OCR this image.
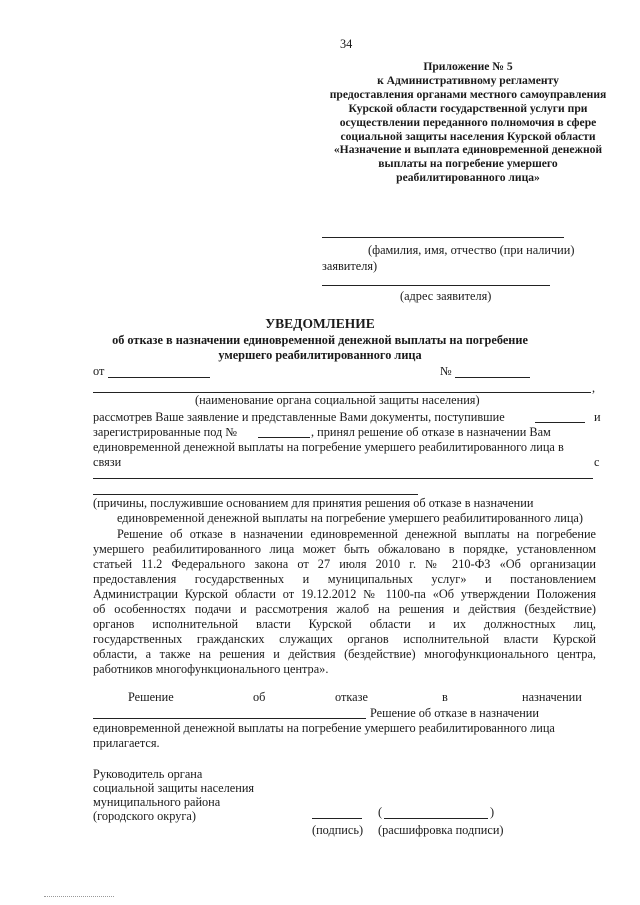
34
Приложение № 5
к Административному регламенту
предоставления органами местного самоуправления
Курской области государственной услуги при
осуществлении переданного полномочия в сфере
социальной защиты населения Курской области
«Назначение и выплата единовременной денежной
выплаты на погребение умершего
реабилитированного лица»
(фамилия, имя, отчество (при наличии)
заявителя)
(адрес заявителя)
УВЕДОМЛЕНИЕ
об отказе в назначении единовременной денежной выплаты на погребение
умершего реабилитированного лица
от	№
,
(наименование органа социальной защиты населения)
рассмотрев Ваше заявление и представленные Вами документы, поступившие	и
зарегистрированные под №	, принял решение об отказе в назначении Вам
единовременной денежной выплаты на погребение умершего реабилитированного лица в
связи	с
(причины, послужившие основанием для принятия решения об отказе в назначении
единовременной денежной выплаты на погребение умершего реабилитированного лица)
Решение об отказе в назначении единовременной денежной выплаты на погребение
умершего реабилитированного лица может быть обжаловано в порядке, установленном
статьей 11.2 Федерального закона от 27 июля 2010 г. № 210-ФЗ «Об организации
предоставления государственных и муниципальных услуг» и постановлением
Администрации Курской области от 19.12.2012 № 1100-па «Об утверждении Положения
об особенностях подачи и рассмотрения жалоб на решения и действия (бездействие)
органов исполнительной власти Курской области и их должностных лиц,
государственных гражданских служащих органов исполнительной власти Курской
области, а также на решения и действия (бездействие) многофункционального центра,
работников многофункционального центра».
Решение	об	отказе	в	назначении
Решение об отказе в назначении
единовременной денежной выплаты на погребение умершего реабилитированного лица
прилагается.
Руководитель органа
социальной защиты населения
муниципального района
(городского округа)	(	)
(подпись) (расшифровка подписи)
